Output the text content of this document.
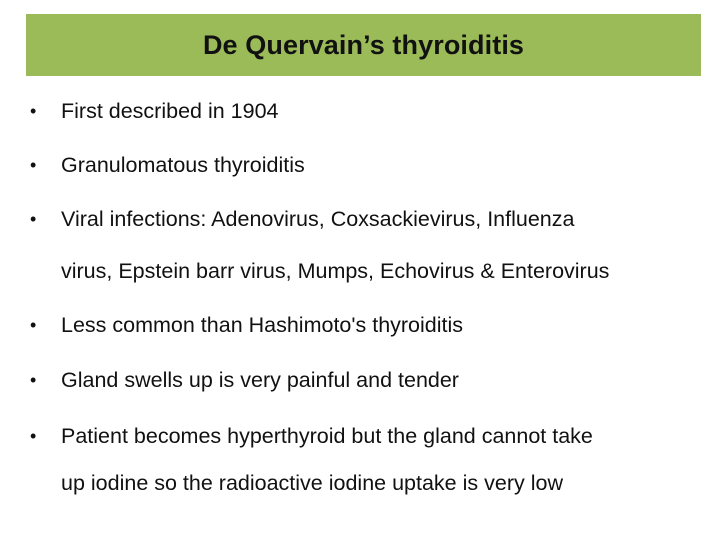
De Quervain’s thyroiditis
• First described in 1904
• Granulomatous thyroiditis
• Viral infections: Adenovirus, Coxsackievirus, Influenza
virus, Epstein barr virus, Mumps, Echovirus & Enterovirus
• Less common than Hashimoto's thyroiditis
• Gland swells up is very painful and tender
• Patient becomes hyperthyroid but the gland cannot take
up iodine so the radioactive iodine uptake is very low
